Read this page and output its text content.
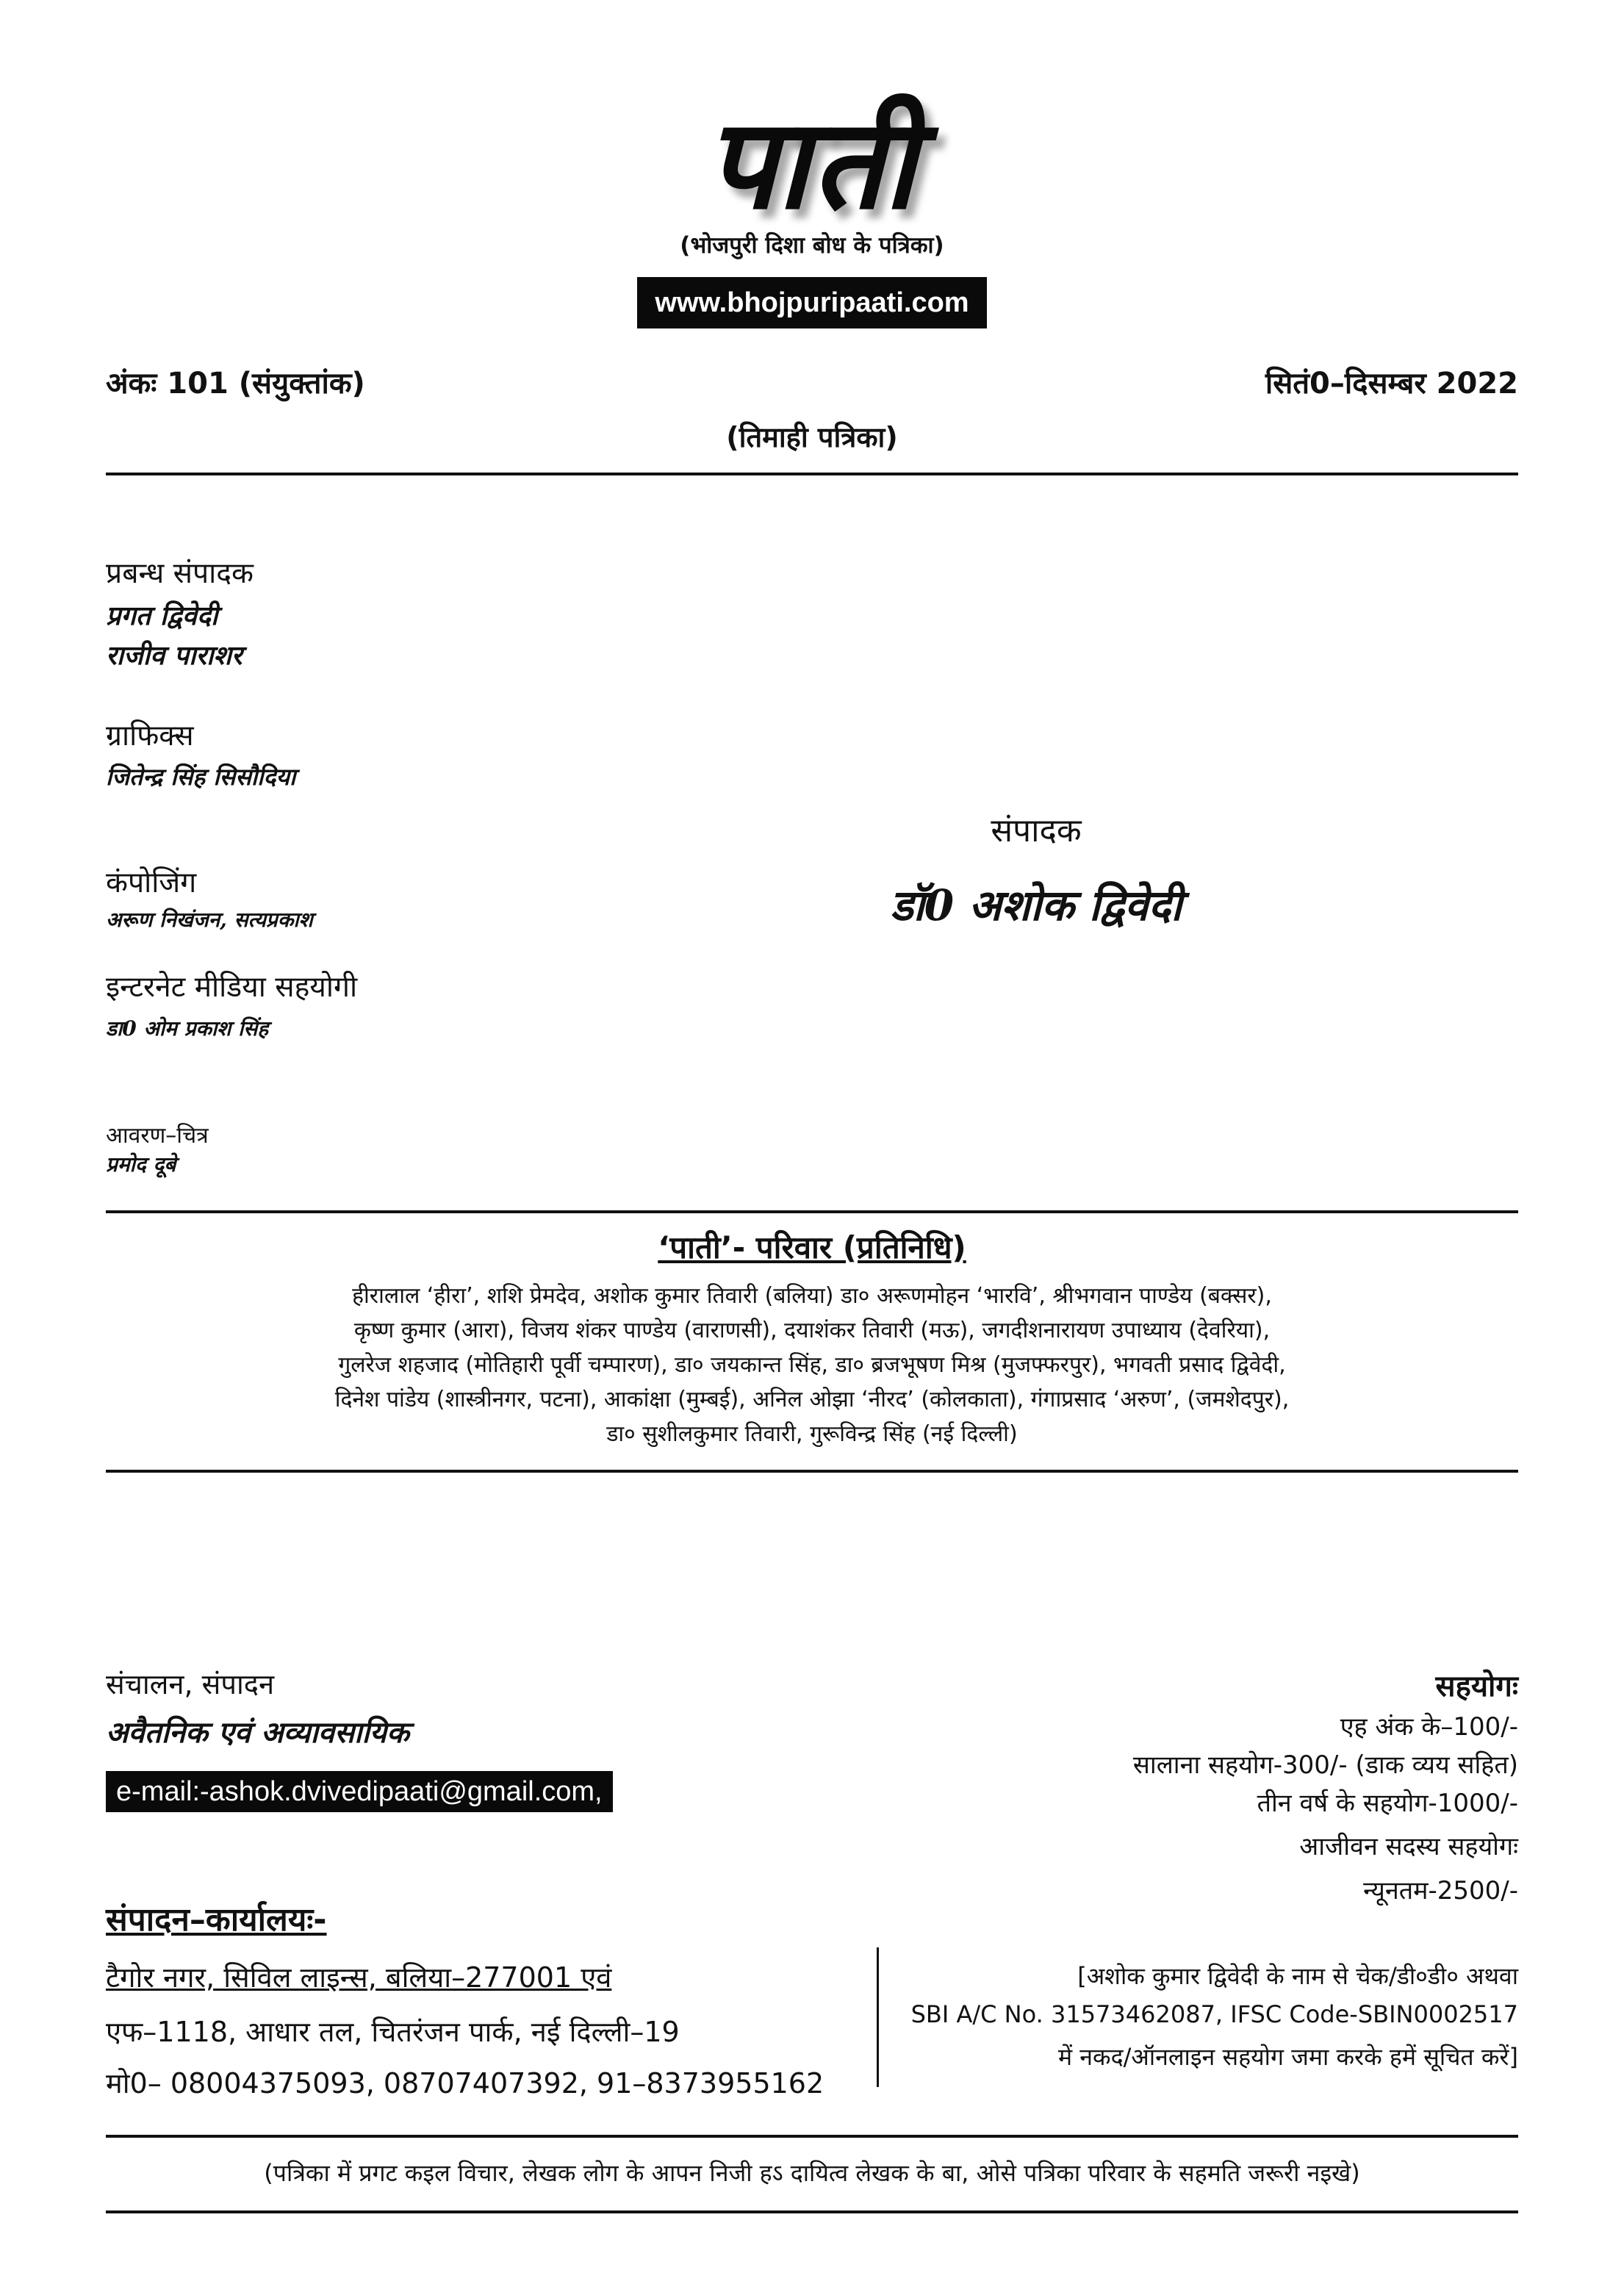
पाती
(भोजपुरी दिशा बोध के पत्रिका)
www.bhojpuripaati.com
अंकः 101 (संयुक्तांक)	सितं0–दिसम्बर 2022
(तिमाही पत्रिका)
प्रबन्ध संपादक
प्रगत द्विवेदी
राजीव पाराशर
ग्राफिक्स
जितेन्द्र सिंह सिसौदिया
कंपोजिंग
अरूण निखंजन, सत्यप्रकाश
इन्टरनेट मीडिया सहयोगी
डा0 ओम प्रकाश सिंह
आवरण–चित्र
प्रमोद दूबे
संपादक
डॉ0 अशोक द्विवेदी
‘पाती’- परिवार (प्रतिनिधि)
हीरालाल ‘हीरा’, शशि प्रेमदेव, अशोक कुमार तिवारी (बलिया) डा० अरूणमोहन ‘भारवि’, श्रीभगवान पाण्डेय (बक्सर),
कृष्ण कुमार (आरा), विजय शंकर पाण्डेय (वाराणसी), दयाशंकर तिवारी (मऊ), जगदीशनारायण उपाध्याय (देवरिया),
गुलरेज शहजाद (मोतिहारी पूर्वी चम्पारण), डा० जयकान्त सिंह, डा० ब्रजभूषण मिश्र (मुजफ्फरपुर), भगवती प्रसाद द्विवेदी,
दिनेश पांडेय (शास्त्रीनगर, पटना), आकांक्षा (मुम्बई), अनिल ओझा ‘नीरद’ (कोलकाता), गंगाप्रसाद ‘अरुण’, (जमशेदपुर),
डा० सुशीलकुमार तिवारी, गुरूविन्द्र सिंह (नई दिल्ली)
संचालन, संपादन
अवैतनिक एवं अव्यावसायिक
e-mail:-ashok.dvivedipaati@gmail.com,
सहयोगः
एह अंक के–100/-
सालाना सहयोग-300/- (डाक व्यय सहित)
तीन वर्ष के सहयोग-1000/-
आजीवन सदस्य सहयोगः
न्यूनतम-2500/-
संपादन–कार्यालयः-
टैगोर नगर, सिविल लाइन्स, बलिया–277001 एवं
एफ–1118, आधार तल, चितरंजन पार्क, नई दिल्ली–19
मो0– 08004375093, 08707407392, 91–8373955162
[अशोक कुमार द्विवेदी के नाम से चेक/डी०डी० अथवा
SBI A/C No. 31573462087, IFSC Code-SBIN0002517
में नकद/ऑनलाइन सहयोग जमा करके हमें सूचित करें]
(पत्रिका में प्रगट कइल विचार, लेखक लोग के आपन निजी हऽ दायित्व लेखक के बा, ओसे पत्रिका परिवार के सहमति जरूरी नइखे)
